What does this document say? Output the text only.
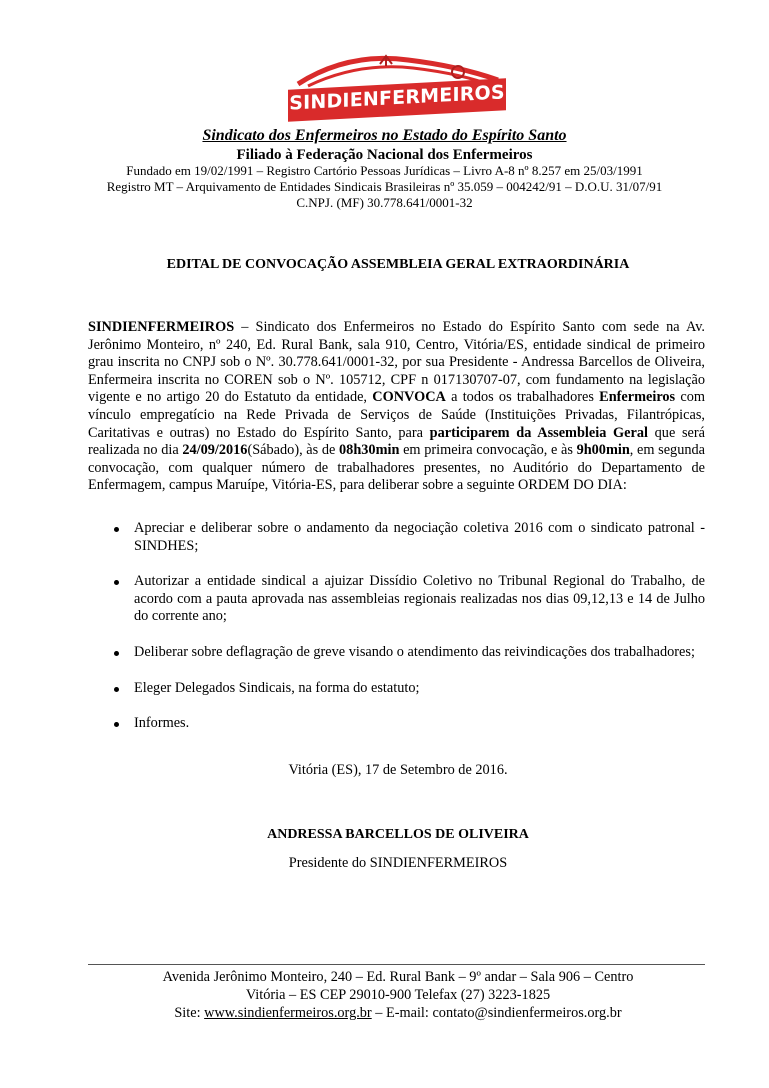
SINDIENFERMEIROS
Sindicato dos Enfermeiros no Estado do Espírito Santo
Filiado à Federação Nacional dos Enfermeiros
Fundado em 19/02/1991 – Registro Cartório Pessoas Jurídicas – Livro A-8 nº 8.257 em 25/03/1991
Registro MT – Arquivamento de Entidades Sindicais Brasileiras nº 35.059 – 004242/91 – D.O.U. 31/07/91
C.NPJ. (MF) 30.778.641/0001-32
EDITAL DE CONVOCAÇÃO ASSEMBLEIA GERAL EXTRAORDINÁRIA
SINDIENFERMEIROS – Sindicato dos Enfermeiros no Estado do Espírito Santo com sede na Av. Jerônimo Monteiro, nº 240, Ed. Rural Bank, sala 910, Centro, Vitória/ES, entidade sindical de primeiro grau inscrita no CNPJ sob o Nº. 30.778.641/0001-32, por sua Presidente - Andressa Barcellos de Oliveira, Enfermeira inscrita no COREN sob o Nº. 105712, CPF n 017130707-07, com fundamento na legislação vigente e no artigo 20 do Estatuto da entidade, CONVOCA a todos os trabalhadores Enfermeiros com vínculo empregatício na Rede Privada de Serviços de Saúde (Instituições Privadas, Filantrópicas, Caritativas e outras) no Estado do Espírito Santo, para participarem da Assembleia Geral que será realizada no dia 24/09/2016(Sábado), às de 08h30min em primeira convocação, e às 9h00min, em segunda convocação, com qualquer número de trabalhadores presentes, no Auditório do Departamento de Enfermagem, campus Maruípe, Vitória-ES, para deliberar sobre a seguinte ORDEM DO DIA:
Apreciar e deliberar sobre o andamento da negociação coletiva 2016 com o sindicato patronal - SINDHES;
Autorizar a entidade sindical a ajuizar Dissídio Coletivo no Tribunal Regional do Trabalho, de acordo com a pauta aprovada nas assembleias regionais realizadas nos dias 09,12,13 e 14 de Julho do corrente ano;
Deliberar sobre deflagração de greve visando o atendimento das reivindicações dos trabalhadores;
Eleger Delegados Sindicais, na forma do estatuto;
Informes.
Vitória (ES), 17 de Setembro de 2016.
ANDRESSA BARCELLOS DE OLIVEIRA
Presidente do SINDIENFERMEIROS
Avenida Jerônimo Monteiro, 240 – Ed. Rural Bank – 9º andar – Sala 906 – Centro
Vitória – ES CEP 29010-900 Telefax (27) 3223-1825
Site: www.sindienfermeiros.org.br – E-mail: contato@sindienfermeiros.org.br
